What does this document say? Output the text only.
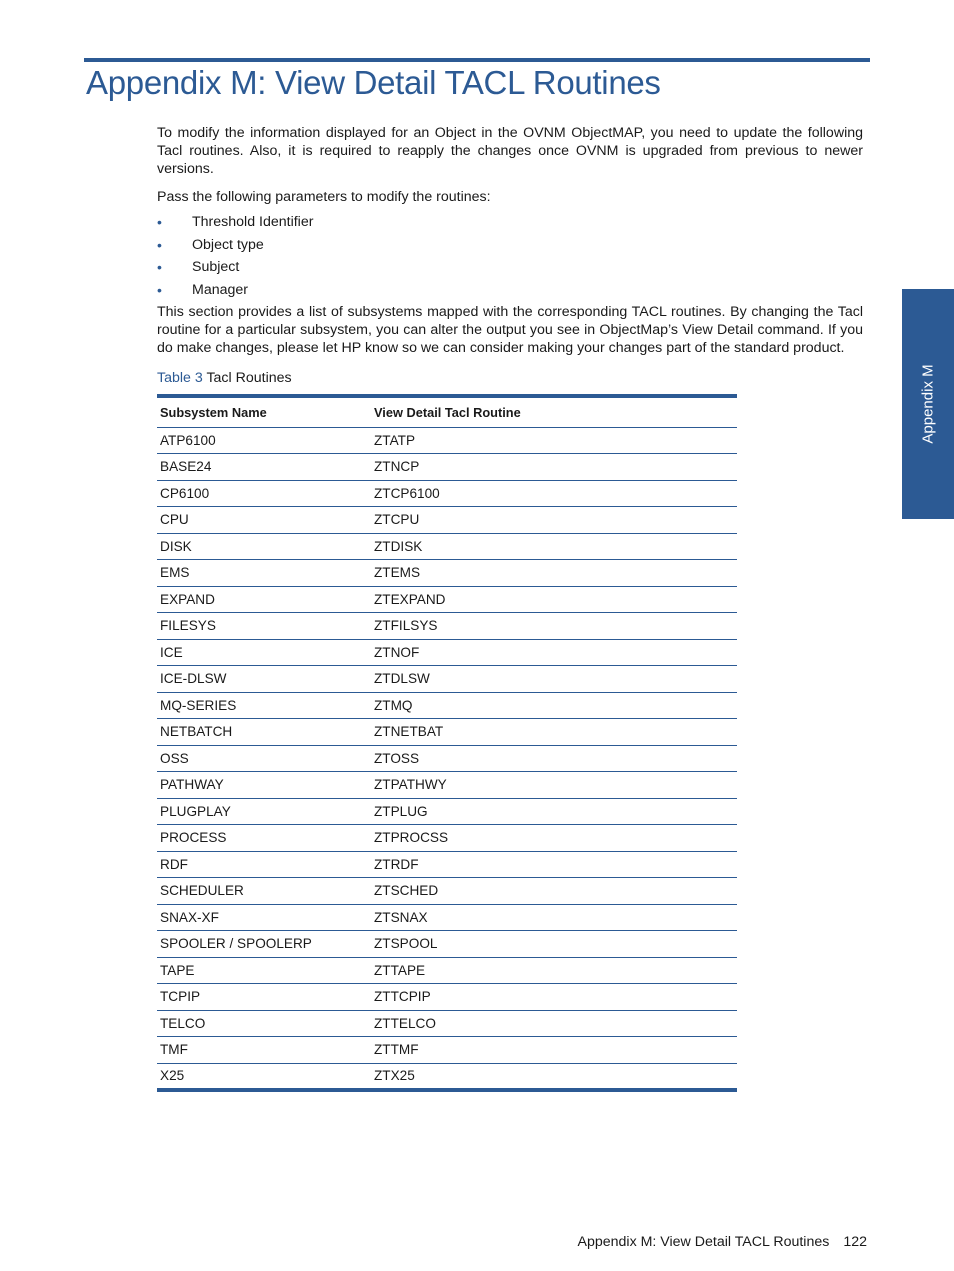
Appendix M: View Detail TACL Routines

To modify the information displayed for an Object in the OVNM ObjectMAP, you need to update the following Tacl routines. Also, it is required to reapply the changes once OVNM is upgraded from previous to newer versions.

Pass the following parameters to modify the routines:

• Threshold Identifier
• Object type
• Subject
• Manager

This section provides a list of subsystems mapped with the corresponding TACL routines. By changing the Tacl routine for a particular subsystem, you can alter the output you see in ObjectMap’s View Detail command. If you do make changes, please let HP know so we can consider making your changes part of the standard product.

Table 3 Tacl Routines

Subsystem Name	View Detail Tacl Routine
ATP6100	ZTATP
BASE24	ZTNCP
CP6100	ZTCP6100
CPU	ZTCPU
DISK	ZTDISK
EMS	ZTEMS
EXPAND	ZTEXPAND
FILESYS	ZTFILSYS
ICE	ZTNOF
ICE-DLSW	ZTDLSW
MQ-SERIES	ZTMQ
NETBATCH	ZTNETBAT
OSS	ZTOSS
PATHWAY	ZTPATHWY
PLUGPLAY	ZTPLUG
PROCESS	ZTPROCSS
RDF	ZTRDF
SCHEDULER	ZTSCHED
SNAX-XF	ZTSNAX
SPOOLER / SPOOLERP	ZTSPOOL
TAPE	ZTTAPE
TCPIP	ZTTCPIP
TELCO	ZTTELCO
TMF	ZTTMF
X25	ZTX25
Appendix M
Appendix M: View Detail TACL Routines 122
